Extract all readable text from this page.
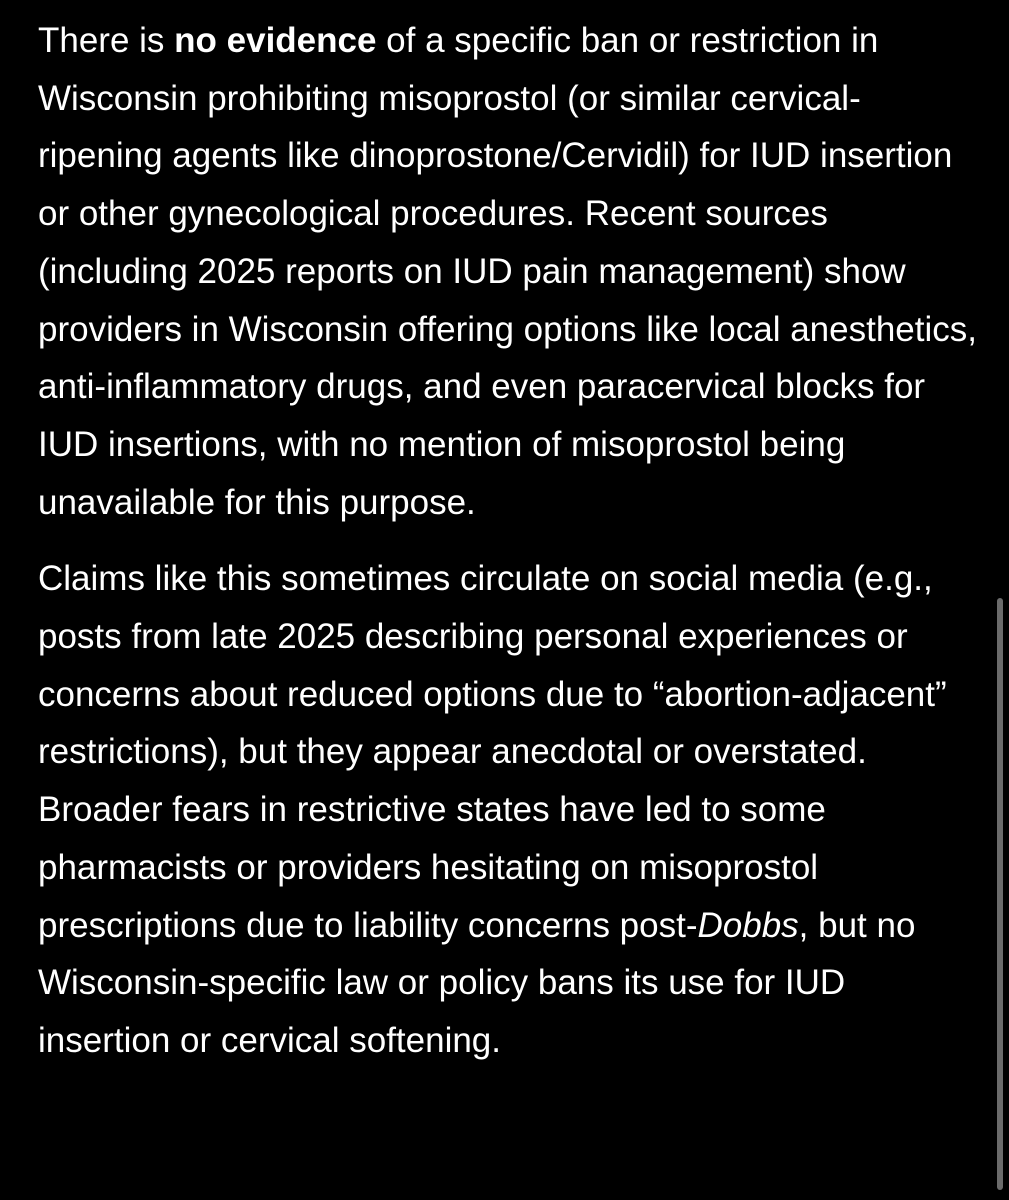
There is no evidence of a specific ban or restriction in Wisconsin prohibiting misoprostol (or similar cervical-ripening agents like dinoprostone/Cervidil) for IUD insertion or other gynecological procedures. Recent sources (including 2025 reports on IUD pain management) show providers in Wisconsin offering options like local anesthetics, anti-inflammatory drugs, and even paracervical blocks for IUD insertions, with no mention of misoprostol being unavailable for this purpose.

Claims like this sometimes circulate on social media (e.g., posts from late 2025 describing personal experiences or concerns about reduced options due to “abortion-adjacent” restrictions), but they appear anecdotal or overstated. Broader fears in restrictive states have led to some pharmacists or providers hesitating on misoprostol prescriptions due to liability concerns post-Dobbs, but no Wisconsin-specific law or policy bans its use for IUD insertion or cervical softening.
